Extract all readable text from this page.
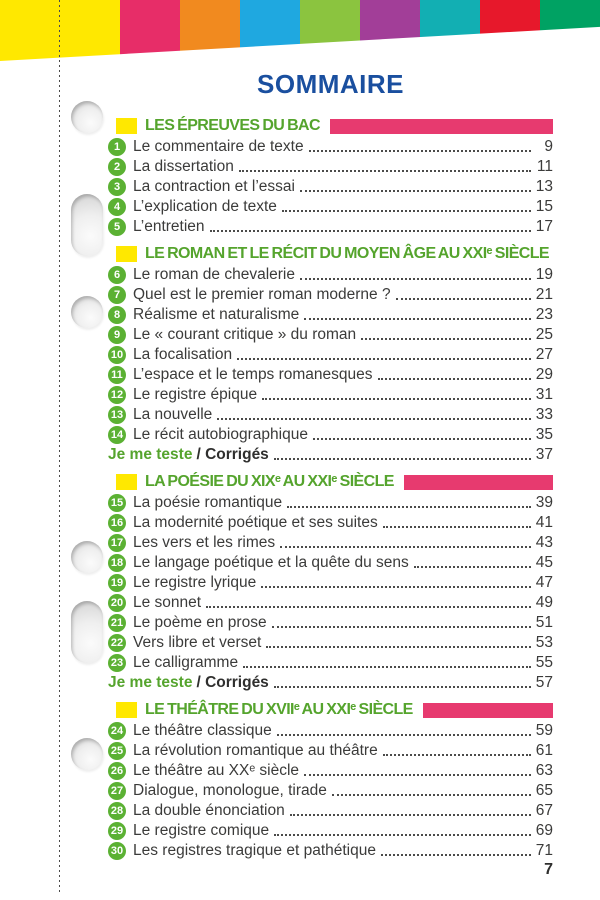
SOMMAIRE
LES ÉPREUVES DU BAC
1 Le commentaire de texte	9
2 La dissertation	11
3 La contraction et l’essai	13
4 L’explication de texte	15
5 L’entretien	17
LE ROMAN ET LE RÉCIT DU MOYEN ÂGE AU XXIᵉ SIÈCLE
6 Le roman de chevalerie	19
7 Quel est le premier roman moderne ?	21
8 Réalisme et naturalisme	23
9 Le « courant critique » du roman	25
10 La focalisation	27
11 L’espace et le temps romanesques	29
12 Le registre épique	31
13 La nouvelle	33
14 Le récit autobiographique	35
Je me teste / Corrigés	37
LA POÉSIE DU XIXᵉ AU XXIᵉ SIÈCLE
15 La poésie romantique	39
16 La modernité poétique et ses suites	41
17 Les vers et les rimes	43
18 Le langage poétique et la quête du sens	45
19 Le registre lyrique	47
20 Le sonnet	49
21 Le poème en prose	51
22 Vers libre et verset	53
23 Le calligramme	55
Je me teste / Corrigés	57
LE THÉÂTRE DU XVIIᵉ AU XXIᵉ SIÈCLE
24 Le théâtre classique	59
25 La révolution romantique au théâtre	61
26 Le théâtre au XXᵉ siècle	63
27 Dialogue, monologue, tirade	65
28 La double énonciation	67
29 Le registre comique	69
30 Les registres tragique et pathétique	71
7
